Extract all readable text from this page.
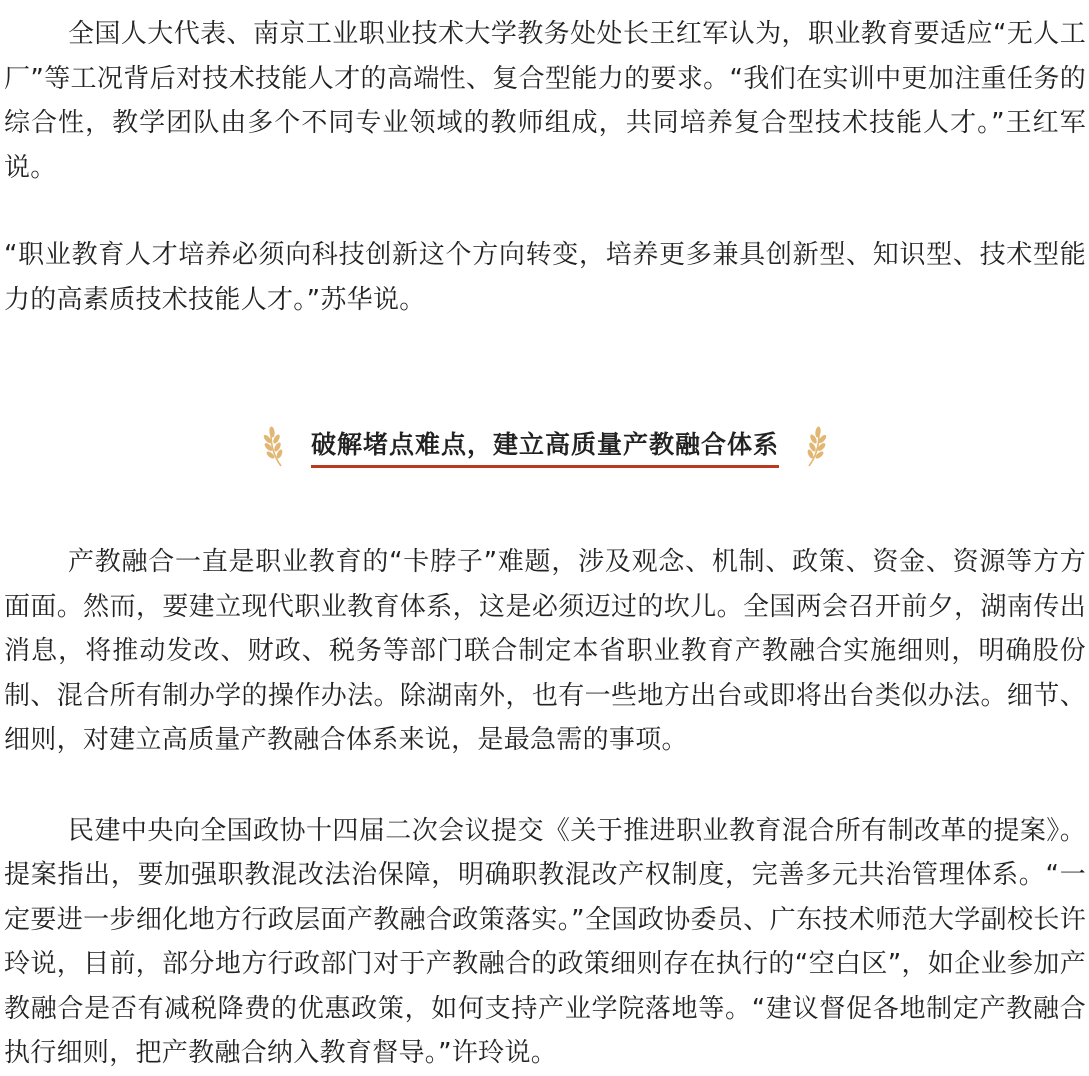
全国人大代表、南京工业职业技术大学教务处处长王红军认为，职业教育要适应“无人工厂”等工况背后对技术技能人才的高端性、复合型能力的要求。“我们在实训中更加注重任务的综合性，教学团队由多个不同专业领域的教师组成，共同培养复合型技术技能人才。”王红军说。

“职业教育人才培养必须向科技创新这个方向转变，培养更多兼具创新型、知识型、技术型能力的高素质技术技能人才。”苏华说。

破解堵点难点，建立高质量产教融合体系

产教融合一直是职业教育的“卡脖子”难题，涉及观念、机制、政策、资金、资源等方方面面。然而，要建立现代职业教育体系，这是必须迈过的坎儿。全国两会召开前夕，湖南传出消息，将推动发改、财政、税务等部门联合制定本省职业教育产教融合实施细则，明确股份制、混合所有制办学的操作办法。除湖南外，也有一些地方出台或即将出台类似办法。细节、细则，对建立高质量产教融合体系来说，是最急需的事项。

民建中央向全国政协十四届二次会议提交《关于推进职业教育混合所有制改革的提案》。提案指出，要加强职教混改法治保障，明确职教混改产权制度，完善多元共治管理体系。“一定要进一步细化地方行政层面产教融合政策落实。”全国政协委员、广东技术师范大学副校长许玲说，目前，部分地方行政部门对于产教融合的政策细则存在执行的“空白区”，如企业参加产教融合是否有减税降费的优惠政策，如何支持产业学院落地等。“建议督促各地制定产教融合执行细则，把产教融合纳入教育督导。”许玲说。
